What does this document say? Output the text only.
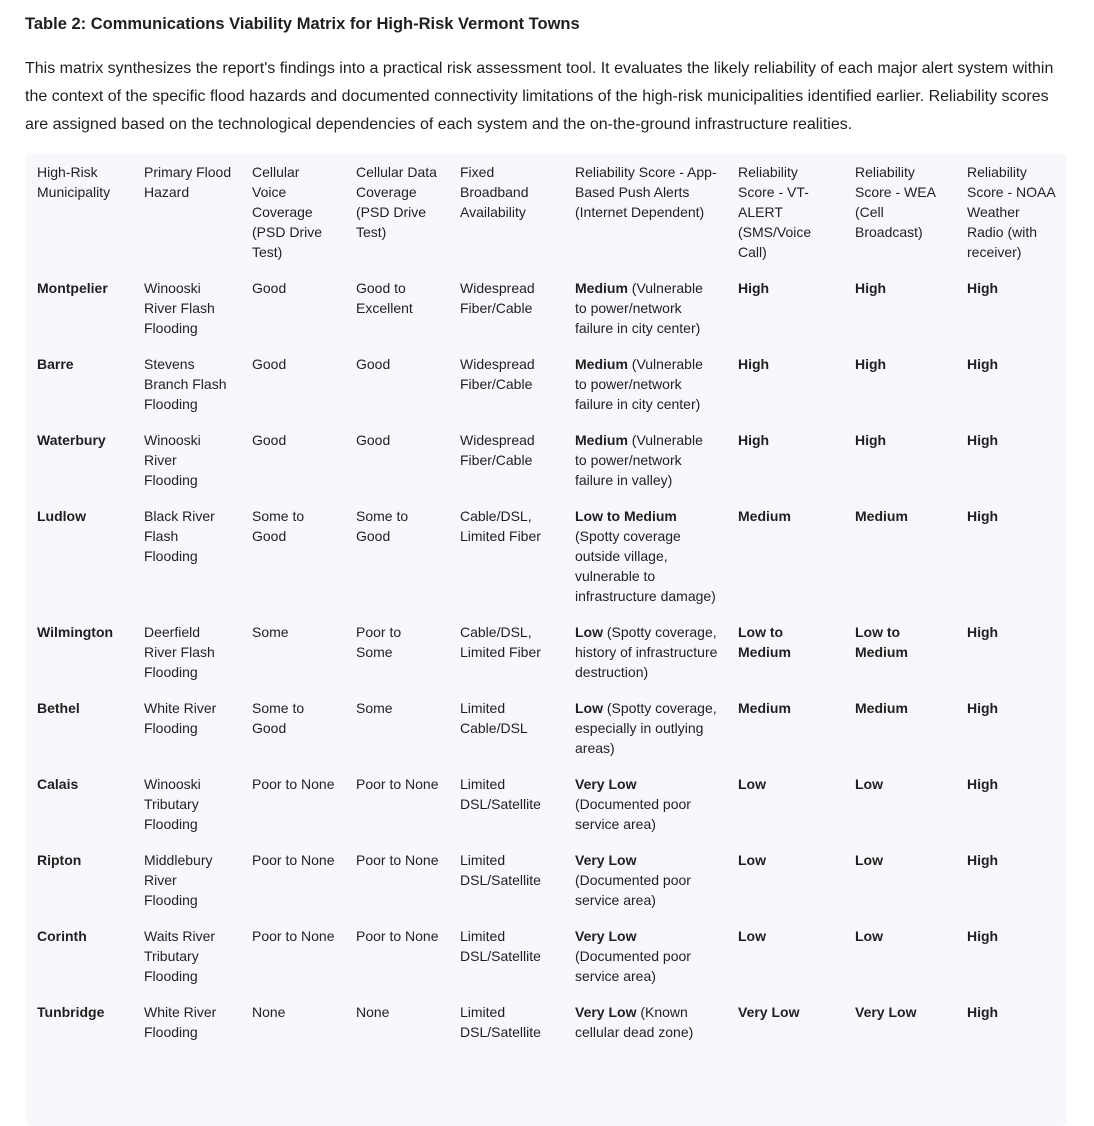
Table 2: Communications Viability Matrix for High-Risk Vermont Towns

This matrix synthesizes the report's findings into a practical risk assessment tool. It evaluates the likely reliability of each major alert system within the context of the specific flood hazards and documented connectivity limitations of the high-risk municipalities identified earlier. Reliability scores are assigned based on the technological dependencies of each system and the on-the-ground infrastructure realities.

High-Risk Municipality	Primary Flood Hazard	Cellular Voice Coverage (PSD Drive Test)	Cellular Data Coverage (PSD Drive Test)	Fixed Broadband Availability	Reliability Score - App-Based Push Alerts (Internet Dependent)	Reliability Score - VT-ALERT (SMS/Voice Call)	Reliability Score - WEA (Cell Broadcast)	Reliability Score - NOAA Weather Radio (with receiver)
Montpelier	Winooski River Flash Flooding	Good	Good to Excellent	Widespread Fiber/Cable	Medium (Vulnerable to power/network failure in city center)	High	High	High
Barre	Stevens Branch Flash Flooding	Good	Good	Widespread Fiber/Cable	Medium (Vulnerable to power/network failure in city center)	High	High	High
Waterbury	Winooski River Flooding	Good	Good	Widespread Fiber/Cable	Medium (Vulnerable to power/network failure in valley)	High	High	High
Ludlow	Black River Flash Flooding	Some to Good	Some to Good	Cable/DSL, Limited Fiber	Low to Medium (Spotty coverage outside village, vulnerable to infrastructure damage)	Medium	Medium	High
Wilmington	Deerfield River Flash Flooding	Some	Poor to Some	Cable/DSL, Limited Fiber	Low (Spotty coverage, history of infrastructure destruction)	Low to Medium	Low to Medium	High
Bethel	White River Flooding	Some to Good	Some	Limited Cable/DSL	Low (Spotty coverage, especially in outlying areas)	Medium	Medium	High
Calais	Winooski Tributary Flooding	Poor to None	Poor to None	Limited DSL/Satellite	Very Low (Documented poor service area)	Low	Low	High
Ripton	Middlebury River Flooding	Poor to None	Poor to None	Limited DSL/Satellite	Very Low (Documented poor service area)	Low	Low	High
Corinth	Waits River Tributary Flooding	Poor to None	Poor to None	Limited DSL/Satellite	Very Low (Documented poor service area)	Low	Low	High
Tunbridge	White River Flooding	None	None	Limited DSL/Satellite	Very Low (Known cellular dead zone)	Very Low	Very Low	High
